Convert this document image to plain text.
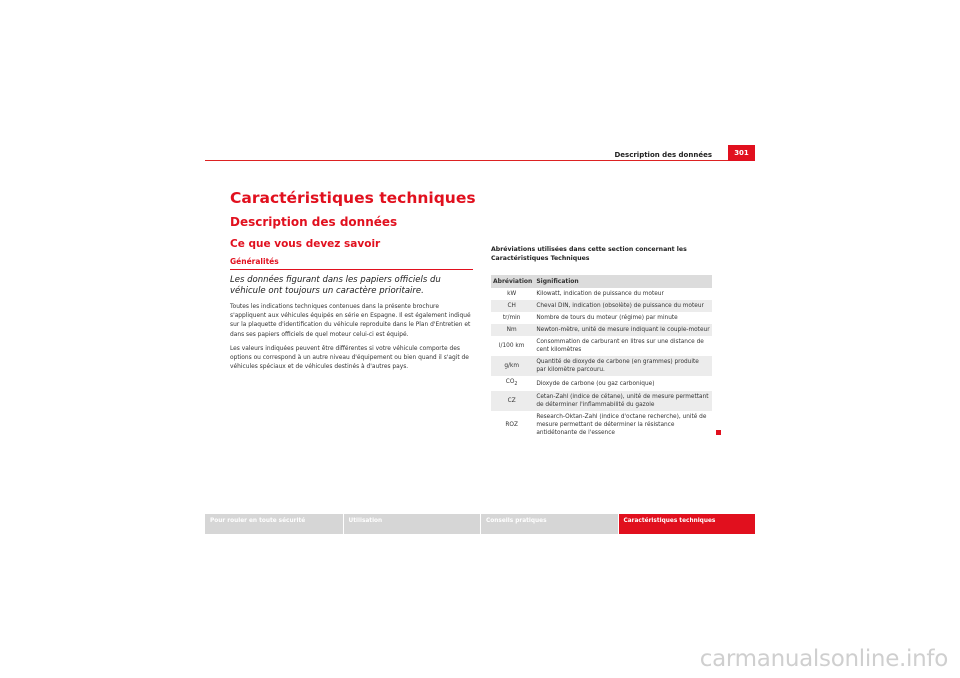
Description des données	301
Caractéristiques techniques
Description des données
Ce que vous devez savoir
Généralités

Les données figurant dans les papiers officiels du véhicule ont toujours un caractère prioritaire.

Toutes les indications techniques contenues dans la présente brochure s'appliquent aux véhicules équipés en série en Espagne. Il est également indiqué sur la plaquette d'identification du véhicule reproduite dans le Plan d'Entretien et dans ses papiers officiels de quel moteur celui-ci est équipé.

Les valeurs indiquées peuvent être différentes si votre véhicule comporte des options ou correspond à un autre niveau d'équipement ou bien quand il s'agit de véhicules spéciaux et de véhicules destinés à d'autres pays.

Abréviations utilisées dans cette section concernant les Caractéristiques Techniques
Abréviation	Signification
kW	Kilowatt, indication de puissance du moteur
CH	Cheval DIN, indication (obsolète) de puissance du moteur
tr/min	Nombre de tours du moteur (régime) par minute
Nm	Newton-mètre, unité de mesure indiquant le couple-moteur
l/100 km	Consommation de carburant en litres sur une distance de cent kilomètres
g/km	Quantité de dioxyde de carbone (en grammes) produite par kilomètre parcouru.
$CO_2$	Dioxyde de carbone (ou gaz carbonique)
CZ	Cetan-Zahl (indice de cétane), unité de mesure permettant de déterminer l'inflammabilité du gazole
ROZ	Research-Oktan-Zahl (indice d'octane recherche), unité de mesure permettant de déterminer la résistance antidétonante de l'essence
Pour rouler en toute sécurité	Utilisation	Conseils pratiques	Caractéristiques techniques
carmanualsonline.info
